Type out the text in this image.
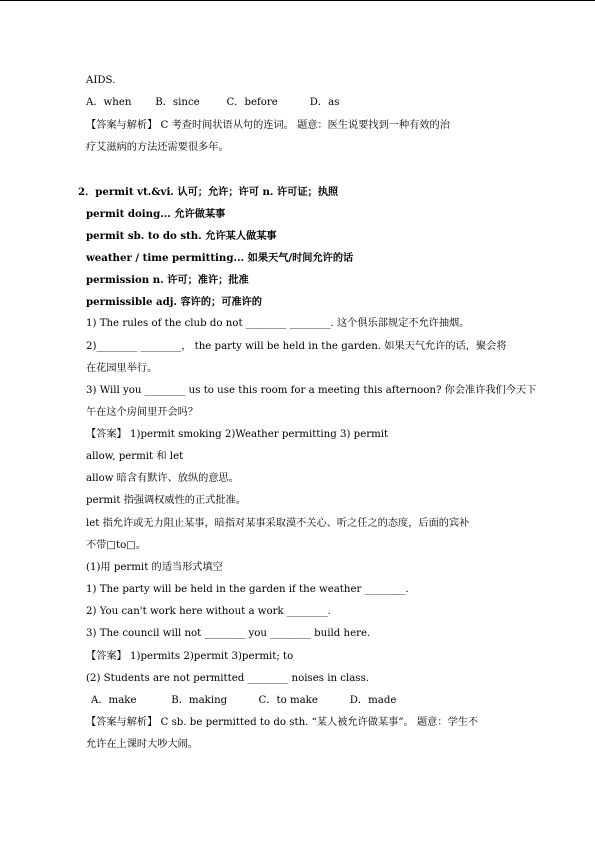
AIDS.
A．when B．since	C．before	D．as
【答案与解析】 C 考查时间状语从句的连词。 题意：医生说要找到一种有效的治
疗艾滋病的方法还需要很多年。
2．permit vt.&vi. 认可；允许；许可 n. 许可证；执照
permit doing... 允许做某事
permit sb. to do sth. 允许某人做某事
weather / time permitting... 如果天气/时间允许的话
permission n. 许可；准许；批准
permissible adj. 容许的；可准许的
1) The rules of the club do not ________ ________. 这个俱乐部规定不允许抽烟。
2)________ ________， the party will be held in the garden. 如果天气允许的话，聚会将
在花园里举行。
3) Will you ________ us to use this room for a meeting this afternoon? 你会准许我们今天下
午在这个房间里开会吗？
【答案】 1)permit smoking 2)Weather permitting 3) permit
allow, permit 和 let
allow 暗含有默许、放纵的意思。
permit 指强调权威性的正式批准。
let 指允许或无力阻止某事，暗指对某事采取漠不关心、听之任之的态度，后面的宾补
不带□to□。
(1)用 permit 的适当形式填空
1) The party will be held in the garden if the weather ________.
2) You can't work here without a work ________.
3) The council will not ________ you ________ build here.
【答案】 1)permits 2)permit 3)permit; to
(2) Students are not permitted ________ noises in class.
A．make	B．making	C．to make	D．made
【答案与解析】 C sb. be permitted to do sth. “某人被允许做某事”。 题意：学生不
允许在上课时大吵大闹。
